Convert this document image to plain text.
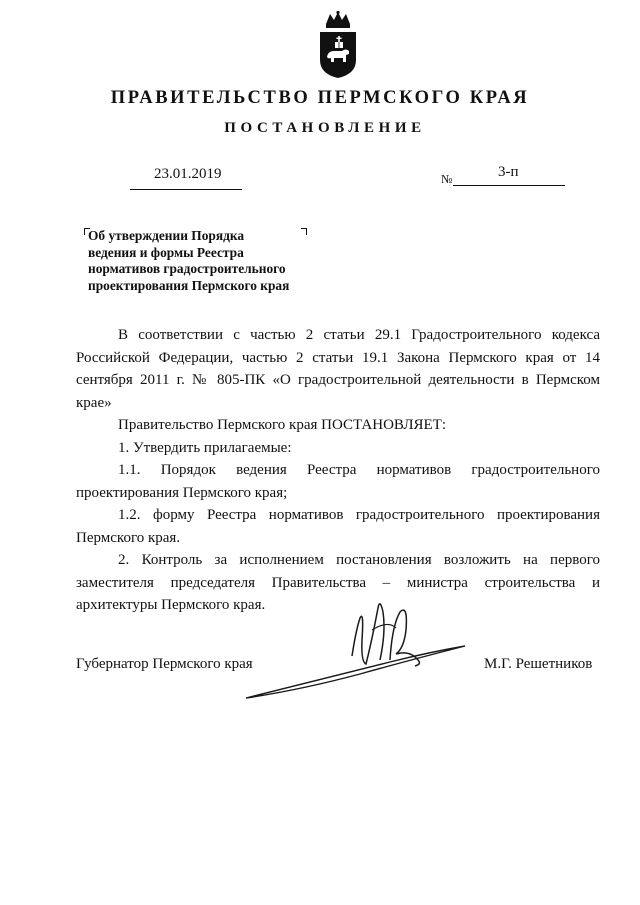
ПРАВИТЕЛЬСТВО ПЕРМСКОГО КРАЯ
ПОСТАНОВЛЕНИЕ
23.01.2019	№	3-п
Об утверждении Порядка
ведения и формы Реестра
нормативов градостроительного
проектирования Пермского края
В соответствии с частью 2 статьи 29.1 Градостроительного кодекса Российской Федерации, частью 2 статьи 19.1 Закона Пермского края от 14 сентября 2011 г. № 805-ПК «О градостроительной деятельности в Пермском крае»
Правительство Пермского края ПОСТАНОВЛЯЕТ:
1. Утвердить прилагаемые:
1.1. Порядок ведения Реестра нормативов градостроительного проектирования Пермского края;
1.2. форму Реестра нормативов градостроительного проектирования Пермского края.
2. Контроль за исполнением постановления возложить на первого заместителя председателя Правительства – министра строительства и архитектуры Пермского края.
Губернатор Пермского края	М.Г. Решетников
